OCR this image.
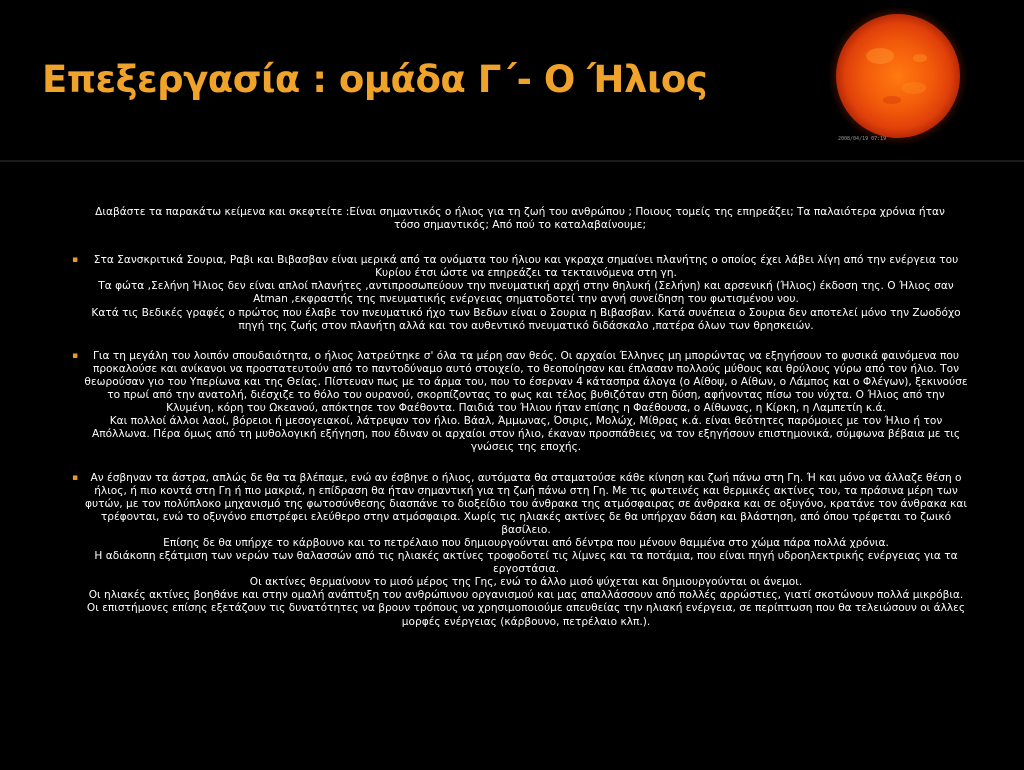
Επεξεργασία : ομάδα Γ΄- Ο Ήλιος
2008/04/19 07:19

Διαβάστε τα παρακάτω κείμενα και σκεφτείτε :Είναι σημαντικός ο ήλιος για τη ζωή του ανθρώπου ; Ποιους τομείς της επηρεάζει; Τα παλαιότερα χρόνια ήταν τόσο σημαντικός; Από πού το καταλαβαίνουμε;

▪	Στα Σανσκριτικά Σουρια, Ραβι και Βιβασβαν είναι μερικά από τα ονόματα του ήλιου και γκραχα σημαίνει πλανήτης ο οποίος έχει λάβει λίγη από την ενέργεια του Κυρίου έτσι ώστε να επηρεάζει τα τεκταινόμενα στη γη.

Τα φώτα ,Σελήνη Ήλιος δεν είναι απλοί πλανήτες ,αντιπροσωπεύουν την πνευματική αρχή στην θηλυκή (Σελήνη) και αρσενική (Ήλιος) έκδοση της. Ο Ήλιος σαν Atman ,εκφραστής της πνευματικής ενέργειας σηματοδοτεί την αγνή συνείδηση του φωτισμένου νου.

Κατά τις Βεδικές γραφές ο πρώτος που έλαβε τον πνευματικό ήχο των Βεδων είναι ο Σουρια η Βιβασβαν. Κατά συνέπεια ο Σουρια δεν αποτελεί μόνο την Ζωοδόχο πηγή της ζωής στον πλανήτη αλλά και τον αυθεντικό πνευματικό διδάσκαλο ,πατέρα όλων των θρησκειών.

▪	Για τη μεγάλη του λοιπόν σπουδαιότητα, ο ήλιος λατρεύτηκε σ' όλα τα μέρη σαν θεός. Οι αρχαίοι Έλληνες μη μπορώντας να εξηγήσουν το φυσικά φαινόμενα που προκαλούσε και ανίκανοι να προστατευτούν από το παντοδύναμο αυτό στοιχείο, το θεοποίησαν και έπλασαν πολλούς μύθους και θρύλους γύρω από τον ήλιο. Τον θεωρούσαν γιο του Υπερίωνα και της Θείας. Πίστευαν πως με το άρμα του, που το έσερναν 4 κάτασπρα άλογα (ο Αίθοψ, ο Αίθων, ο Λάμπος και ο Φλέγων), ξεκινούσε το πρωί από την ανατολή, διέσχιζε το θόλο του ουρανού, σκορπίζοντας το φως και τέλος βυθιζόταν στη δύση, αφήνοντας πίσω του νύχτα. Ο Ήλιος από την Κλυμένη, κόρη του Ωκεανού, απόκτησε τον Φαέθοντα. Παιδιά του Ήλιου ήταν επίσης η Φαέθουσα, ο Αίθωνας, η Κίρκη, η Λαμπετίη κ.ά.

Και πολλοί άλλοι λαοί, βόρειοι ή μεσογειακοί, λάτρεψαν τον ήλιο. Βάαλ, Άμμωνας, Όσιρις, Μολώχ, Μίθρας κ.ά. είναι θεότητες παρόμοιες με τον Ήλιο ή τον Απόλλωνα. Πέρα όμως από τη μυθολογική εξήγηση, που έδιναν οι αρχαίοι στον ήλιο, έκαναν προσπάθειες να τον εξηγήσουν επιστημονικά, σύμφωνα βέβαια με τις γνώσεις της εποχής.

▪	Αν έσβηναν τα άστρα, απλώς δε θα τα βλέπαμε, ενώ αν έσβηνε ο ήλιος, αυτόματα θα σταματούσε κάθε κίνηση και ζωή πάνω στη Γη. Ή και μόνο να άλλαζε θέση ο ήλιος, ή πιο κοντά στη Γη ή πιο μακριά, η επίδραση θα ήταν σημαντική για τη ζωή πάνω στη Γη. Με τις φωτεινές και θερμικές ακτίνες του, τα πράσινα μέρη των φυτών, με τον πολύπλοκο μηχανισμό της φωτοσύνθεσης διασπάνε το διοξείδιο του άνθρακα της ατμόσφαιρας σε άνθρακα και σε οξυγόνο, κρατάνε τον άνθρακα και τρέφονται, ενώ το οξυγόνο επιστρέφει ελεύθερο στην ατμόσφαιρα. Χωρίς τις ηλιακές ακτίνες δε θα υπήρχαν δάση και βλάστηση, από όπου τρέφεται το ζωικό βασίλειο.

Επίσης δε θα υπήρχε το κάρβουνο και το πετρέλαιο που δημιουργούνται από δέντρα που μένουν θαμμένα στο χώμα πάρα πολλά χρόνια.

Η αδιάκοπη εξάτμιση των νερών των θαλασσών από τις ηλιακές ακτίνες τροφοδοτεί τις λίμνες και τα ποτάμια, που είναι πηγή υδροηλεκτρικής ενέργειας για τα εργοστάσια.

Οι ακτίνες θερμαίνουν το μισό μέρος της Γης, ενώ το άλλο μισό ψύχεται και δημιουργούνται οι άνεμοι.

Οι ηλιακές ακτίνες βοηθάνε και στην ομαλή ανάπτυξη του ανθρώπινου οργανισμού και μας απαλλάσσουν από πολλές αρρώστιες, γιατί σκοτώνουν πολλά μικρόβια. Οι επιστήμονες επίσης εξετάζουν τις δυνατότητες να βρουν τρόπους να χρησιμοποιούμε απευθείας την ηλιακή ενέργεια, σε περίπτωση που θα τελειώσουν οι άλλες μορφές ενέργειας (κάρβουνο, πετρέλαιο κλπ.).
